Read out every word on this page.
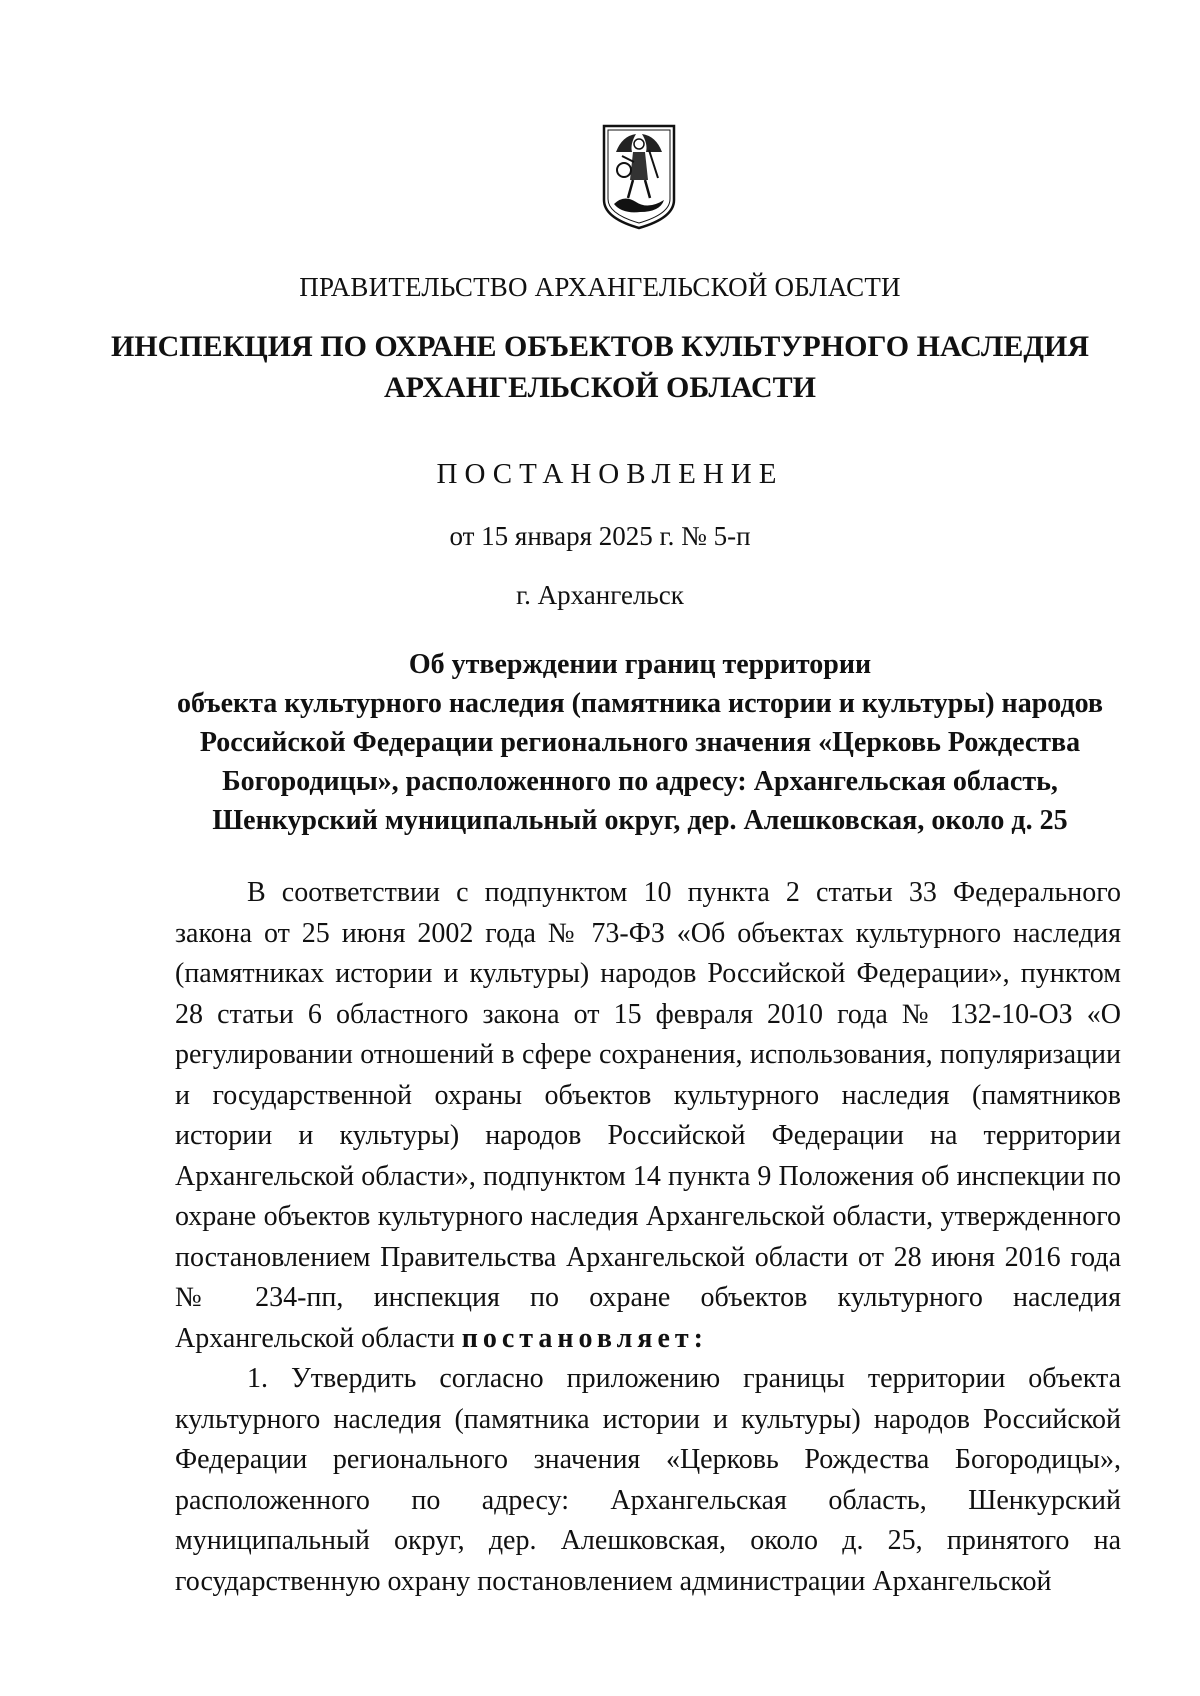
ПРАВИТЕЛЬСТВО АРХАНГЕЛЬСКОЙ ОБЛАСТИ

ИНСПЕКЦИЯ ПО ОХРАНЕ ОБЪЕКТОВ КУЛЬТУРНОГО НАСЛЕДИЯ
АРХАНГЕЛЬСКОЙ ОБЛАСТИ

ПОСТАНОВЛЕНИЕ

от 15 января 2025 г. № 5-п

г. Архангельск

Об утверждении границ территории
объекта культурного наследия (памятника истории и культуры) народов
Российской Федерации регионального значения «Церковь Рождества
Богородицы», расположенного по адресу: Архангельская область,
Шенкурский муниципальный округ, дер. Алешковская, около д. 25

В соответствии с подпунктом 10 пункта 2 статьи 33 Федерального закона от 25 июня 2002 года № 73-ФЗ «Об объектах культурного наследия (памятниках истории и культуры) народов Российской Федерации», пунктом 28 статьи 6 областного закона от 15 февраля 2010 года № 132-10-ОЗ «О регулировании отношений в сфере сохранения, использования, популяризации и государственной охраны объектов культурного наследия (памятников истории и культуры) народов Российской Федерации на территории Архангельской области», подпунктом 14 пункта 9 Положения об инспекции по охране объектов культурного наследия Архангельской области, утвержденного постановлением Правительства Архангельской области от 28 июня 2016 года № 234-пп, инспекция по охране объектов культурного наследия Архангельской области постановляет:

1. Утвердить согласно приложению границы территории объекта культурного наследия (памятника истории и культуры) народов Российской Федерации регионального значения «Церковь Рождества Богородицы», расположенного по адресу: Архангельская область, Шенкурский муниципальный округ, дер. Алешковская, около д. 25, принятого на государственную охрану постановлением администрации Архангельской
